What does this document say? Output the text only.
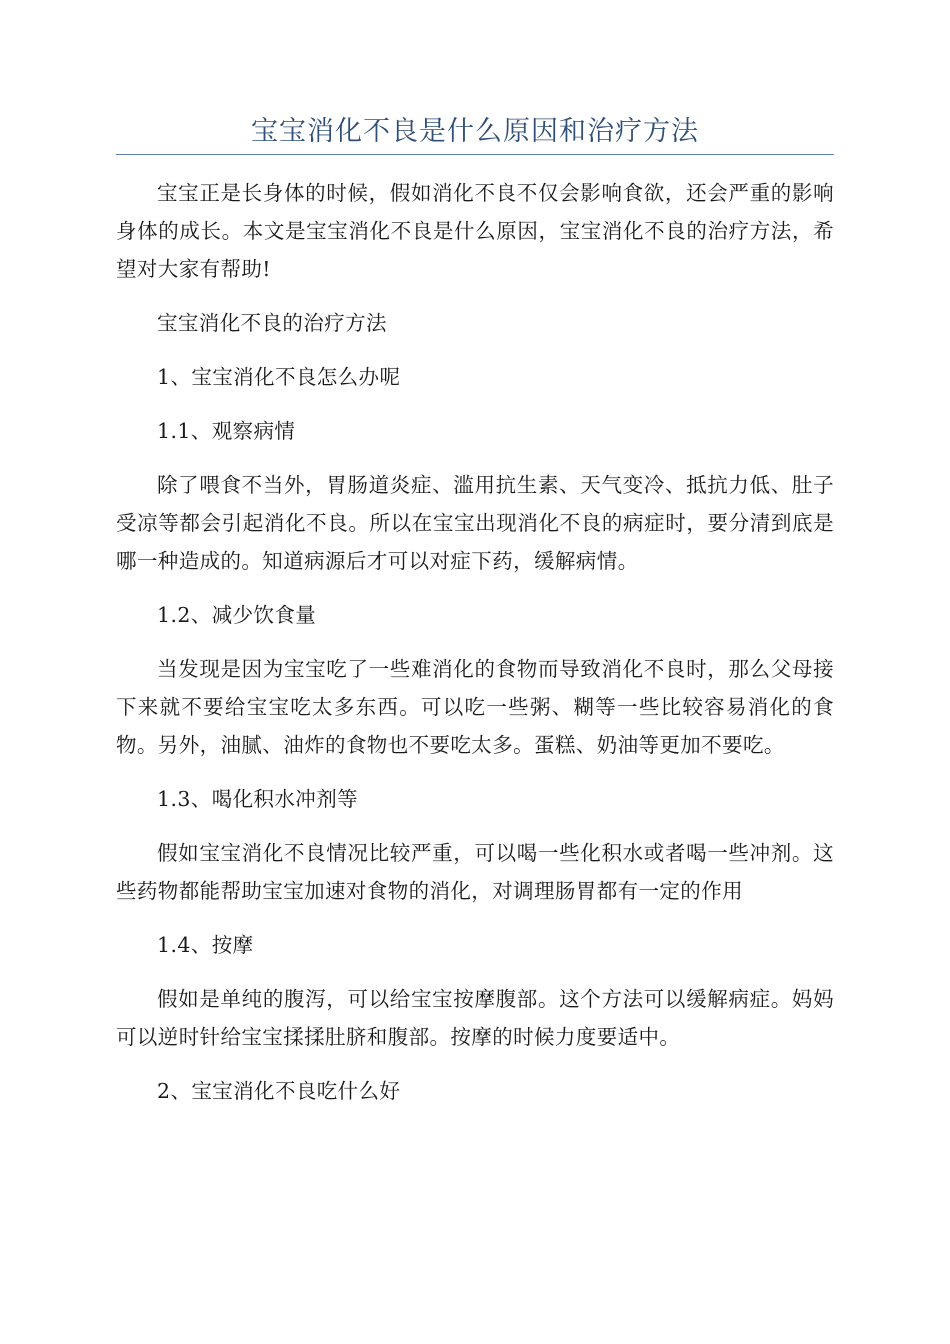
宝宝消化不良是什么原因和治疗方法

宝宝正是长身体的时候，假如消化不良不仅会影响食欲，还会严重的影响身体的成长。本文是宝宝消化不良是什么原因，宝宝消化不良的治疗方法，希望对大家有帮助!

宝宝消化不良的治疗方法

1、宝宝消化不良怎么办呢

1.1、观察病情

除了喂食不当外，胃肠道炎症、滥用抗生素、天气变冷、抵抗力低、肚子受凉等都会引起消化不良。所以在宝宝出现消化不良的病症时，要分清到底是哪一种造成的。知道病源后才可以对症下药，缓解病情。

1.2、减少饮食量

当发现是因为宝宝吃了一些难消化的食物而导致消化不良时，那么父母接下来就不要给宝宝吃太多东西。可以吃一些粥、糊等一些比较容易消化的食物。另外，油腻、油炸的食物也不要吃太多。蛋糕、奶油等更加不要吃。

1.3、喝化积水冲剂等

假如宝宝消化不良情况比较严重，可以喝一些化积水或者喝一些冲剂。这些药物都能帮助宝宝加速对食物的消化，对调理肠胃都有一定的作用

1.4、按摩

假如是单纯的腹泻，可以给宝宝按摩腹部。这个方法可以缓解病症。妈妈可以逆时针给宝宝揉揉肚脐和腹部。按摩的时候力度要适中。

2、宝宝消化不良吃什么好
